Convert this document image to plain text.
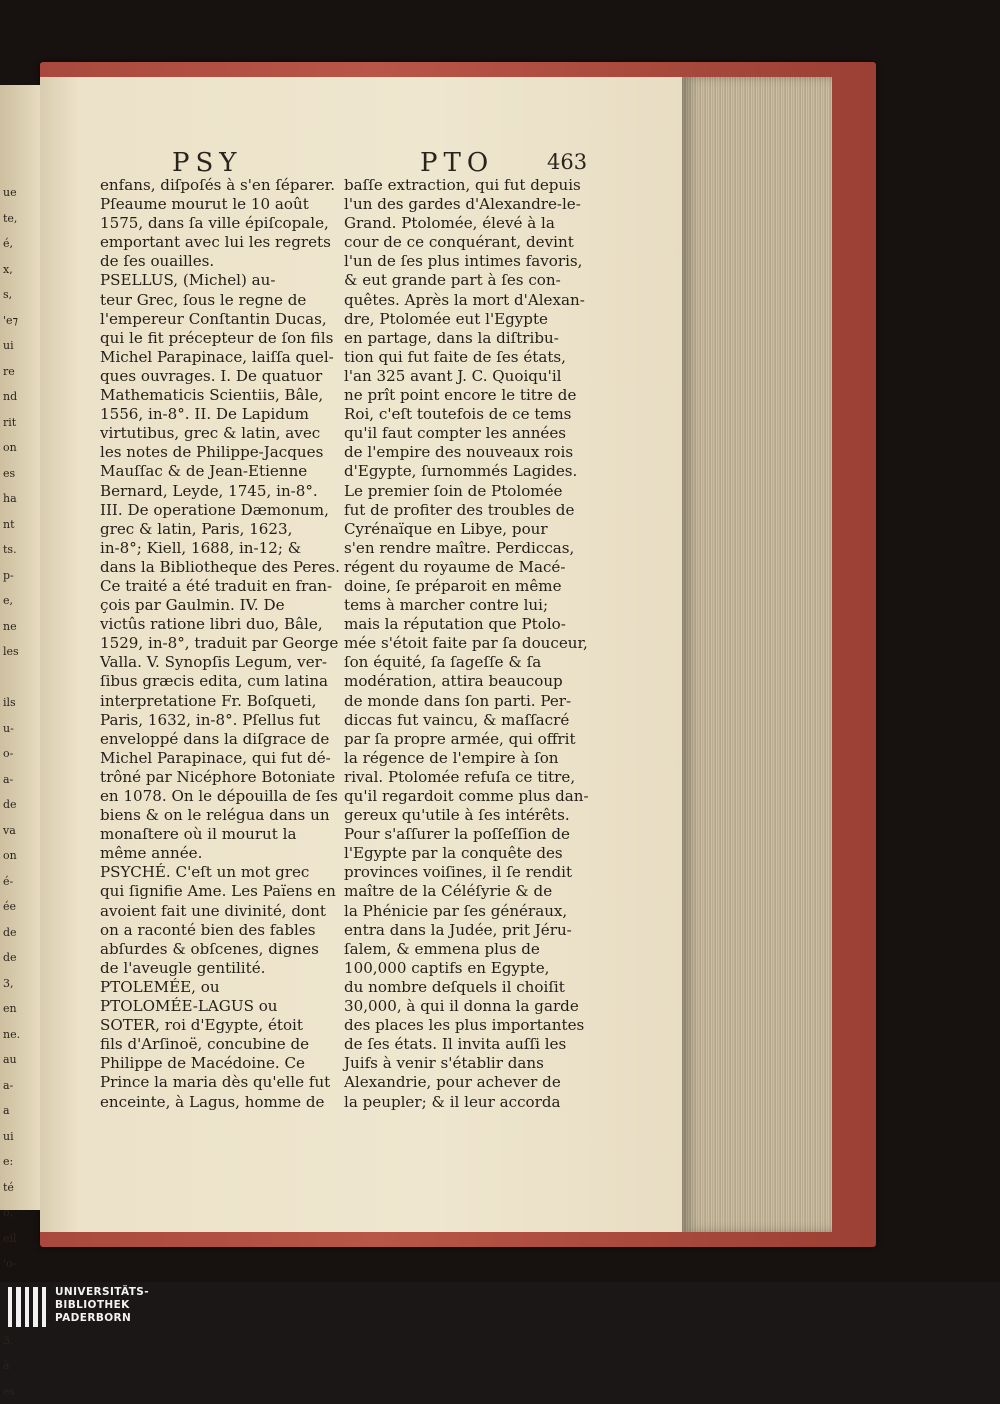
ue
te,
é,
x,
s,
'e⁊
ui
re
nd
rit
on
es
ha
nt
ts.
p-
e,
ne
les
ils
u-
o-
a-
de
va
on
é-
ée
de
de
3,
en
ne.
au
a-
a
ui
e:
té
o,
eil
'o-
3,
à
es
PSY	PTO	463
enfans, diſpoſés à s'en ſéparer.
Pſeaume mourut le 10 août
1575, dans ſa ville épiſcopale,
emportant avec lui les regrets
de ſes ouailles.
PSELLUS, (Michel) au-
teur Grec, ſous le regne de
l'empereur Conſtantin Ducas,
qui le fit précepteur de ſon fils
Michel Parapinace, laiſſa quel-
ques ouvrages. I. De quatuor
Mathematicis Scientiis, Bâle,
1556, in-8°. II. De Lapidum
virtutibus, grec & latin, avec
les notes de Philippe-Jacques
Mauſſac & de Jean-Etienne
Bernard, Leyde, 1745, in-8°.
III. De operatione Dæmonum,
grec & latin, Paris, 1623,
in-8°; Kiell, 1688, in-12; &
dans la Bibliotheque des Peres.
Ce traité a été traduit en fran-
çois par Gaulmin. IV. De
victûs ratione libri duo, Bâle,
1529, in-8°, traduit par George
Valla. V. Synopſis Legum, ver-
ſibus græcis edita, cum latina
interpretatione Fr. Boſqueti,
Paris, 1632, in-8°. Pſellus fut
enveloppé dans la diſgrace de
Michel Parapinace, qui fut dé-
trôné par Nicéphore Botoniate
en 1078. On le dépouilla de ſes
biens & on le relégua dans un
monaſtere où il mourut la
même année.
PSYCHÉ. C'eſt un mot grec
qui ſignifie Ame. Les Païens en
avoient fait une divinité, dont
on a raconté bien des fables
abſurdes & obſcenes, dignes
de l'aveugle gentilité.
PTOLEMÉE, ou
PTOLOMÉE-LAGUS ou
SOTER, roi d'Egypte, étoit
fils d'Arſinoë, concubine de
Philippe de Macédoine. Ce
Prince la maria dès qu'elle fut
enceinte, à Lagus, homme de
baſſe extraction, qui fut depuis
l'un des gardes d'Alexandre-le-
Grand. Ptolomée, élevé à la
cour de ce conquérant, devint
l'un de ſes plus intimes favoris,
& eut grande part à ſes con-
quêtes. Après la mort d'Alexan-
dre, Ptolomée eut l'Egypte
en partage, dans la diſtribu-
tion qui fut faite de ſes états,
l'an 325 avant J. C. Quoiqu'il
ne prît point encore le titre de
Roi, c'eſt toutefois de ce tems
qu'il faut compter les années
de l'empire des nouveaux rois
d'Egypte, ſurnommés Lagides.
Le premier ſoin de Ptolomée
fut de profiter des troubles de
Cyrénaïque en Libye, pour
s'en rendre maître. Perdiccas,
régent du royaume de Macé-
doine, ſe préparoit en même
tems à marcher contre lui;
mais la réputation que Ptolo-
mée s'étoit faite par ſa douceur,
ſon équité, ſa ſageſſe & ſa
modération, attira beaucoup
de monde dans ſon parti. Per-
diccas fut vaincu, & maſſacré
par ſa propre armée, qui offrit
la régence de l'empire à ſon
rival. Ptolomée refuſa ce titre,
qu'il regardoit comme plus dan-
gereux qu'utile à ſes intérêts.
Pour s'aſſurer la poſſeſſion de
l'Egypte par la conquête des
provinces voiſines, il ſe rendit
maître de la Céléſyrie & de
la Phénicie par ſes généraux,
entra dans la Judée, prit Jéru-
ſalem, & emmena plus de
100,000 captifs en Egypte,
du nombre deſquels il choiſit
30,000, à qui il donna la garde
des places les plus importantes
de ſes états. Il invita auſſi les
Juifs à venir s'établir dans
Alexandrie, pour achever de
la peupler; & il leur accorda
UNIVERSITÄTS-
BIBLIOTHEK
PADERBORN
